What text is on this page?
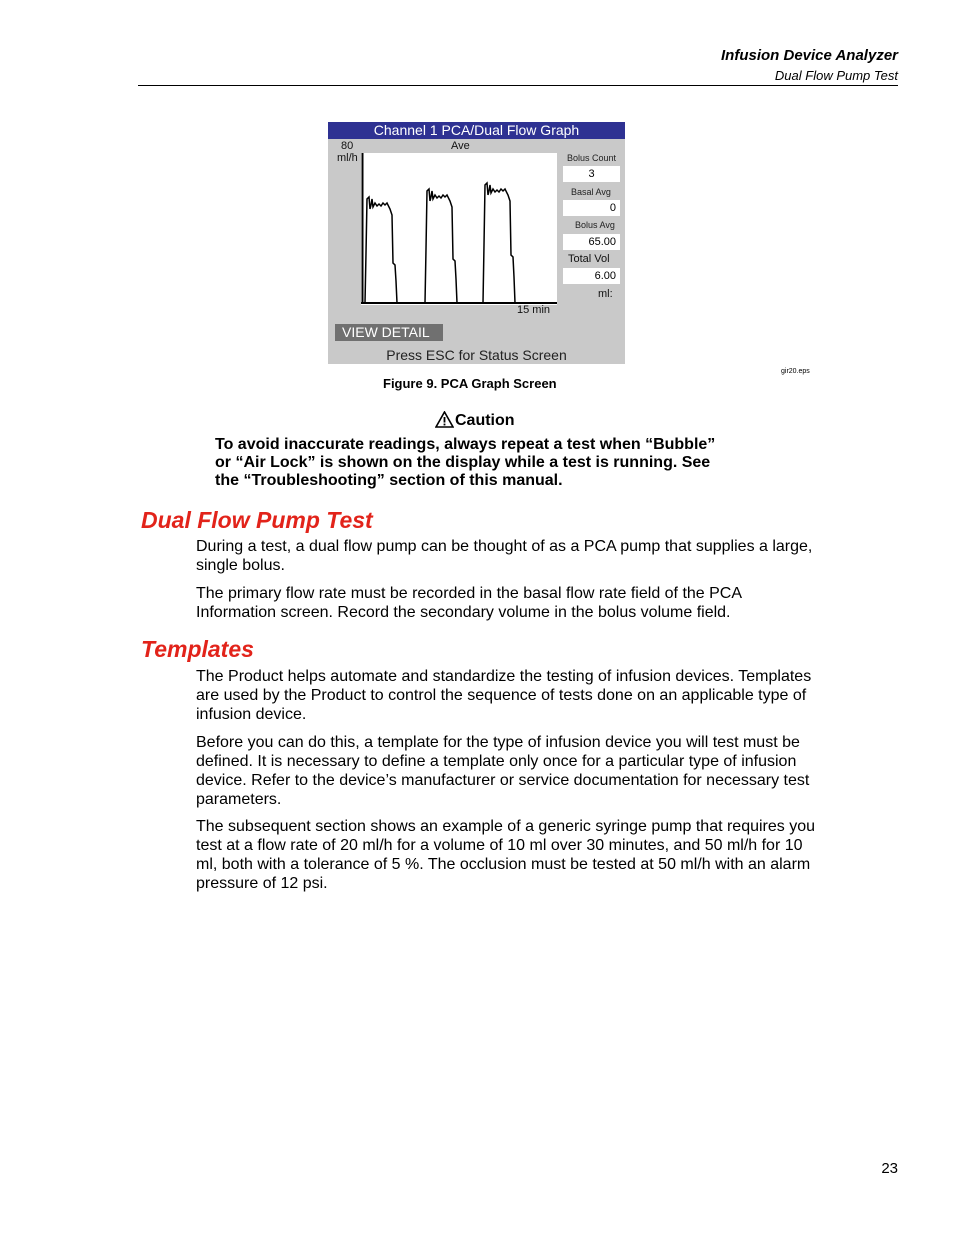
Infusion Device Analyzer
Dual Flow Pump Test
Channel 1 PCA/Dual Flow Graph
80
ml/h
Ave
15 min
Bolus Count
3
Basal Avg
0
Bolus Avg
65.00
Total Vol
6.00
ml:
VIEW DETAIL
Press ESC for Status Screen
gir20.eps
Figure 9. PCA Graph Screen
Caution
To avoid inaccurate readings, always repeat a test when “Bubble” or “Air Lock” is shown on the display while a test is running. See the “Troubleshooting” section of this manual.
Dual Flow Pump Test

During a test, a dual flow pump can be thought of as a PCA pump that supplies a large, single bolus.

The primary flow rate must be recorded in the basal flow rate field of the PCA Information screen. Record the secondary volume in the bolus volume field.

Templates

The Product helps automate and standardize the testing of infusion devices. Templates are used by the Product to control the sequence of tests done on an applicable type of infusion device.

Before you can do this, a template for the type of infusion device you will test must be defined. It is necessary to define a template only once for a particular type of infusion device. Refer to the device’s manufacturer or service documentation for necessary test parameters.

The subsequent section shows an example of a generic syringe pump that requires you test at a flow rate of 20 ml/h for a volume of 10 ml over 30 minutes, and 50 ml/h for 10 ml, both with a tolerance of 5 %. The occlusion must be tested at 50 ml/h with an alarm pressure of 12 psi.

23
